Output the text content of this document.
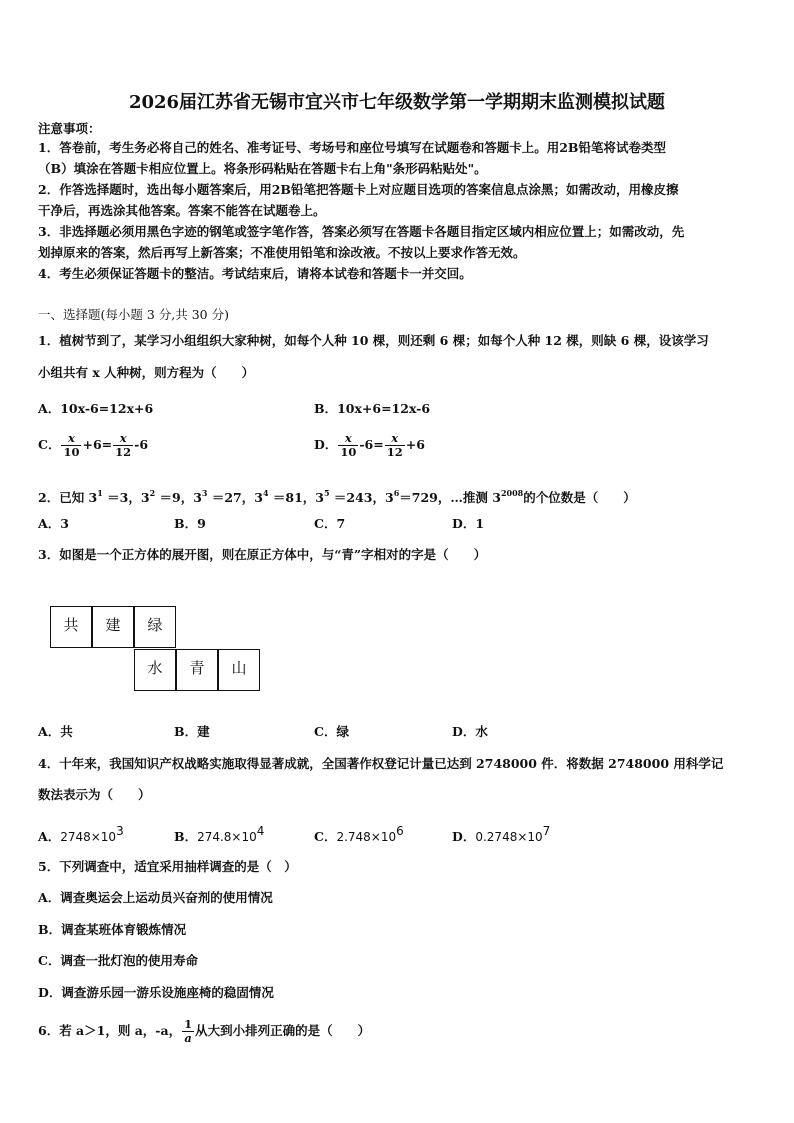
2026届江苏省无锡市宜兴市七年级数学第一学期期末监测模拟试题
注意事项：
1．答卷前，考生务必将自己的姓名、准考证号、考场号和座位号填写在试题卷和答题卡上。用2B铅笔将试卷类型
（B）填涂在答题卡相应位置上。将条形码粘贴在答题卡右上角"条形码粘贴处"。
2．作答选择题时，选出每小题答案后，用2B铅笔把答题卡上对应题目选项的答案信息点涂黑；如需改动，用橡皮擦
干净后，再选涂其他答案。答案不能答在试题卷上。
3．非选择题必须用黑色字迹的钢笔或签字笔作答，答案必须写在答题卡各题目指定区域内相应位置上；如需改动，先
划掉原来的答案，然后再写上新答案；不准使用铅笔和涂改液。不按以上要求作答无效。
4．考生必须保证答题卡的整洁。考试结束后，请将本试卷和答题卡一并交回。
一、选择题(每小题 3 分,共 30 分)
1．植树节到了，某学习小组组织大家种树，如每个人种 10 棵，则还剩 6 棵；如每个人种 12 棵，则缺 6 棵，设该学习
小组共有 x 人种树，则方程为（　　）
A．10x-6=12x+6	B．10x+6=12x-6
C． $\frac{x}{10} +6= \frac{x}{12} -6$	D． $\frac{x}{10} -6= \frac{x}{12} +6$
2．已知 $3^1 =3$，$3^2 =9$，$3^3 =27$，$3^4 =81$，$3^5 =243$，$3^6=729$，…推测 $3^{2008}$的个位数是（　　）
A．3	B．9	C．7	D．1
3．如图是一个正方体的展开图，则在原正方体中，与“青”字相对的字是（　　）
共	建	绿
水	青	山
A．共	B．建	C．绿	D．水
4．十年来，我国知识产权战略实施取得显著成就，全国著作权登记计量已达到 2748000 件．将数据 2748000 用科学记
数法表示为（　　）
A．$2748\times 10^3$	B．$274.8\times 10^4$	C．$2.748\times 10^6$	D．$0.2748\times 10^7$
5．下列调查中，适宜采用抽样调查的是（　）
A．调查奥运会上运动员兴奋剂的使用情况
B．调查某班体育锻炼情况
C．调查一批灯泡的使用寿命
D．调查游乐园一游乐设施座椅的稳固情况
6．若 a＞1，则 a，-a， $\frac{1}{a}$ 从大到小排列正确的是（　　）
